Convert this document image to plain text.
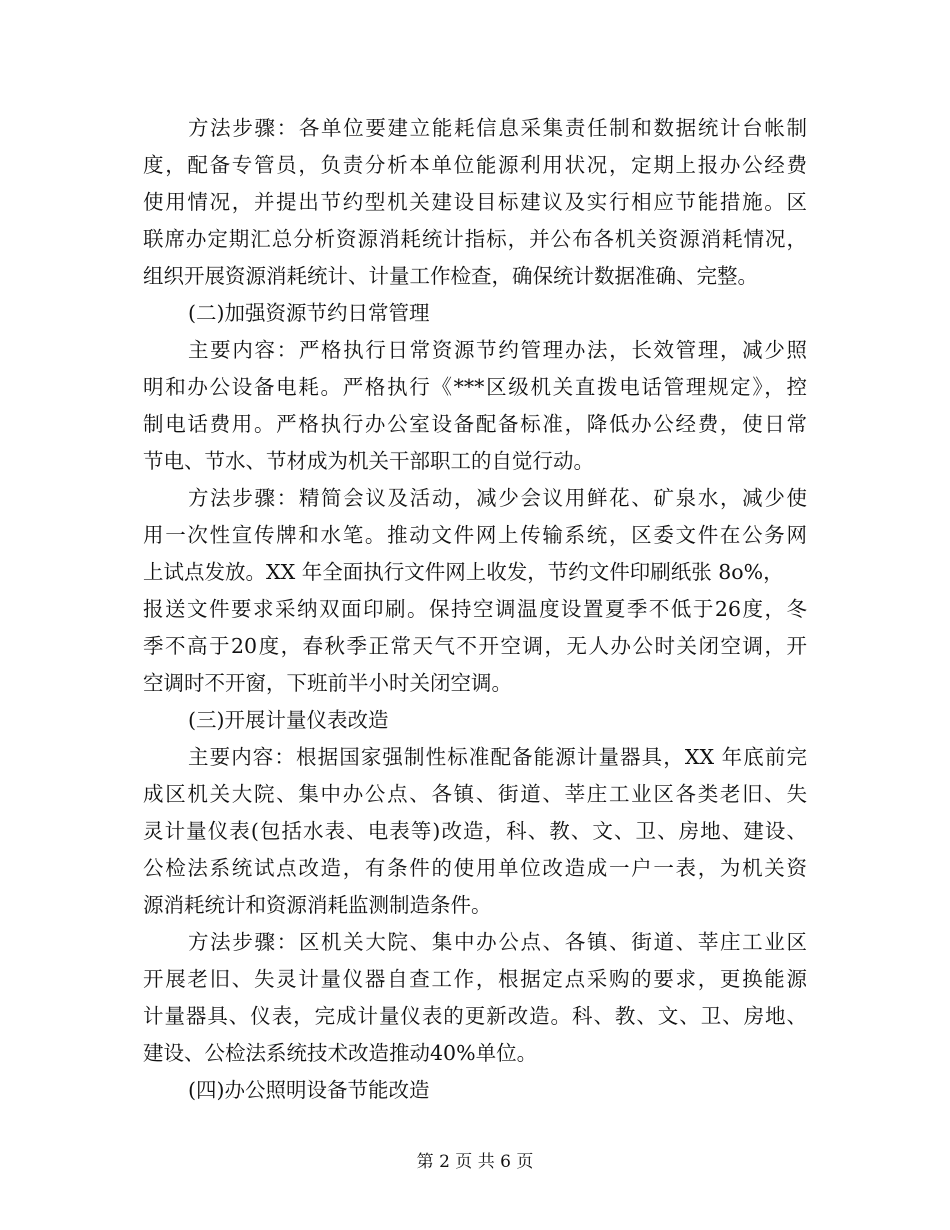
方法步骤：各单位要建立能耗信息采集责任制和数据统计台帐制
度，配备专管员，负责分析本单位能源利用状况，定期上报办公经费
使用情况，并提出节约型机关建设目标建议及实行相应节能措施。区
联席办定期汇总分析资源消耗统计指标，并公布各机关资源消耗情况，
组织开展资源消耗统计、计量工作检查，确保统计数据准确、完整。
(二)加强资源节约日常管理
主要内容：严格执行日常资源节约管理办法，长效管理，减少照
明和办公设备电耗。严格执行《***区级机关直拨电话管理规定》，控
制电话费用。严格执行办公室设备配备标准，降低办公经费，使日常
节电、节水、节材成为机关干部职工的自觉行动。
方法步骤：精简会议及活动，减少会议用鲜花、矿泉水，减少使
用一次性宣传牌和水笔。推动文件网上传输系统，区委文件在公务网
上试点发放。XX 年全面执行文件网上收发，节约文件印刷纸张 8o%，
报送文件要求采纳双面印刷。保持空调温度设置夏季不低于26度，冬
季不高于20度，春秋季正常天气不开空调，无人办公时关闭空调，开
空调时不开窗，下班前半小时关闭空调。
(三)开展计量仪表改造
主要内容：根据国家强制性标准配备能源计量器具，XX 年底前完
成区机关大院、集中办公点、各镇、街道、莘庄工业区各类老旧、失
灵计量仪表(包括水表、电表等)改造，科、教、文、卫、房地、建设、
公检法系统试点改造，有条件的使用单位改造成一户一表，为机关资
源消耗统计和资源消耗监测制造条件。
方法步骤：区机关大院、集中办公点、各镇、街道、莘庄工业区
开展老旧、失灵计量仪器自查工作，根据定点采购的要求，更换能源
计量器具、仪表，完成计量仪表的更新改造。科、教、文、卫、房地、
建设、公检法系统技术改造推动40%单位。
(四)办公照明设备节能改造
第 2 页 共 6 页
